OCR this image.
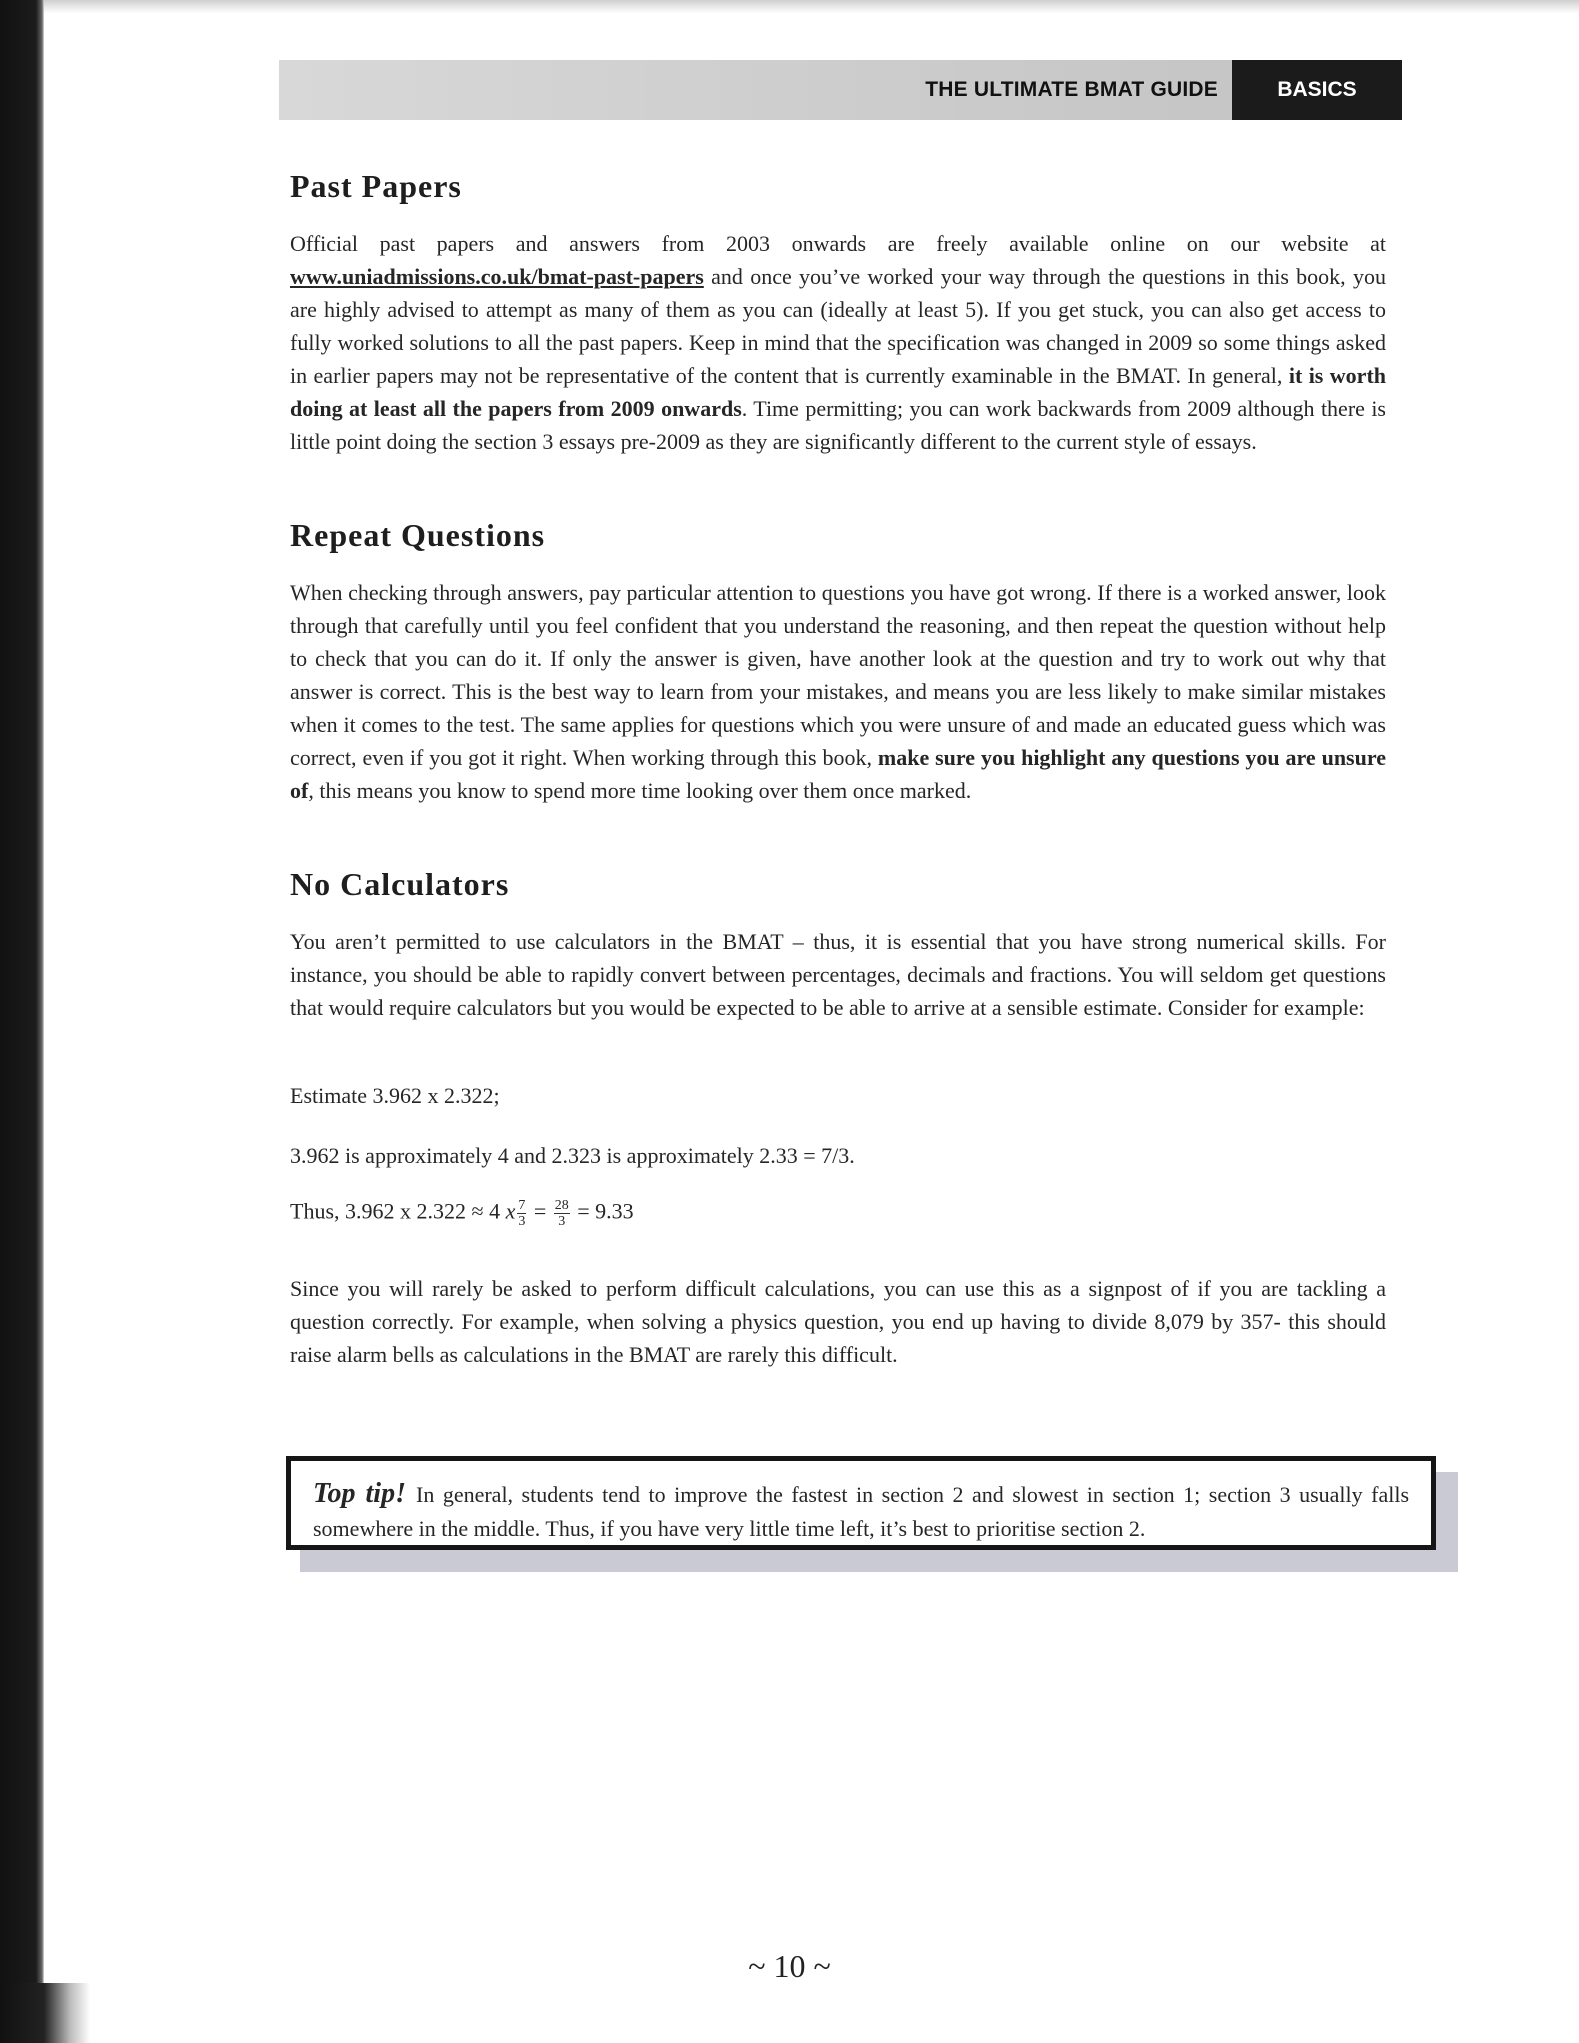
THE ULTIMATE BMAT GUIDE	BASICS
Past Papers

Official past papers and answers from 2003 onwards are freely available online on our website at www.uniadmissions.co.uk/bmat-past-papers and once you’ve worked your way through the questions in this book, you are highly advised to attempt as many of them as you can (ideally at least 5). If you get stuck, you can also get access to fully worked solutions to all the past papers. Keep in mind that the specification was changed in 2009 so some things asked in earlier papers may not be representative of the content that is currently examinable in the BMAT. In general, it is worth doing at least all the papers from 2009 onwards. Time permitting; you can work backwards from 2009 although there is little point doing the section 3 essays pre-2009 as they are significantly different to the current style of essays.

Repeat Questions

When checking through answers, pay particular attention to questions you have got wrong. If there is a worked answer, look through that carefully until you feel confident that you understand the reasoning, and then repeat the question without help to check that you can do it. If only the answer is given, have another look at the question and try to work out why that answer is correct. This is the best way to learn from your mistakes, and means you are less likely to make similar mistakes when it comes to the test. The same applies for questions which you were unsure of and made an educated guess which was correct, even if you got it right. When working through this book, make sure you highlight any questions you are unsure of, this means you know to spend more time looking over them once marked.

No Calculators

You aren’t permitted to use calculators in the BMAT – thus, it is essential that you have strong numerical skills. For instance, you should be able to rapidly convert between percentages, decimals and fractions. You will seldom get questions that would require calculators but you would be expected to be able to arrive at a sensible estimate. Consider for example:

Estimate 3.962 x 2.322;
3.962 is approximately 4 and 2.323 is approximately 2.33 = 7/3.
Thus, 3.962 x 2.322 ≈ 4 x $\frac{7}{3} = \frac{28}{3} = 9.33$

Since you will rarely be asked to perform difficult calculations, you can use this as a signpost of if you are tackling a question correctly. For example, when solving a physics question, you end up having to divide 8,079 by 357- this should raise alarm bells as calculations in the BMAT are rarely this difficult.

Top tip! In general, students tend to improve the fastest in section 2 and slowest in section 1; section 3 usually falls somewhere in the middle. Thus, if you have very little time left, it’s best to prioritise section 2.

~ 10 ~
